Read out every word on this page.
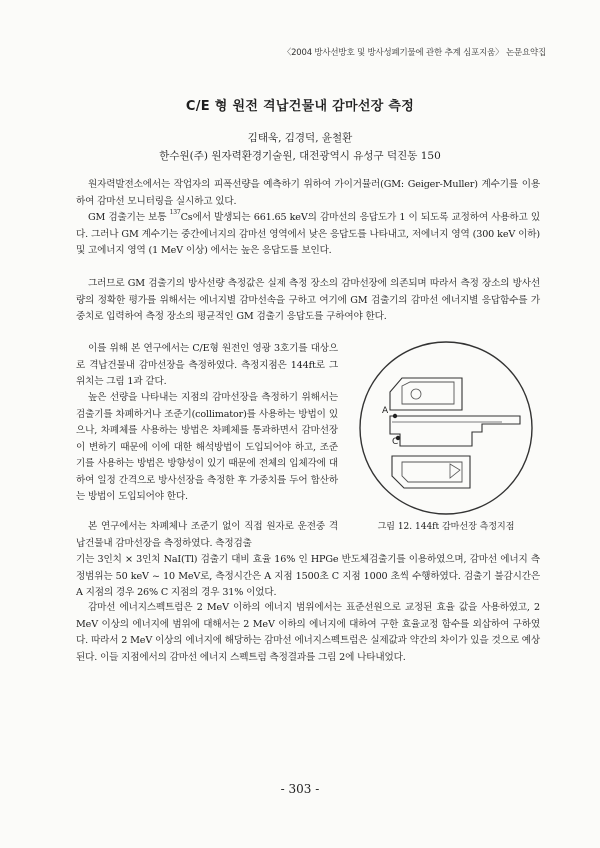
〈2004 방사선방호 및 방사성폐기물에 관한 추계 심포지움〉 논문요약집
C/E 형 원전 격납건물내 감마선장 측정
김태욱, 김경덕, 윤철환
한수원(주) 원자력환경기술원, 대전광역시 유성구 덕진동 150

원자력발전소에서는 작업자의 피폭선량을 예측하기 위하여 가이거뮬러(GM: Geiger-Muller) 계수기를 이용하여 감마선 모니터링을 실시하고 있다.

GM 검출기는 보통 $^{137}$Cs에서 발생되는 661.65 keV의 감마선의 응답도가 1 이 되도록 교정하여 사용하고 있다. 그러나 GM 계수기는 중간에너지의 감마선 영역에서 낮은 응답도를 나타내고, 저에너지 영역 (300 keV 이하) 및 고에너지 영역 (1 MeV 이상) 에서는 높은 응답도를 보인다.

그러므로 GM 검출기의 방사선량 측정값은 실제 측정 장소의 감마선장에 의존되며 따라서 측정 장소의 방사선량의 정확한 평가를 위해서는 에너지별 감마선속을 구하고 여기에 GM 검출기의 감마선 에너지별 응답함수를 가중치로 입력하여 측정 장소의 평균적인 GM 검출기 응답도를 구하여야 한다.

이를 위해 본 연구에서는 C/E형 원전인 영광 3호기를 대상으로 격납건물내 감마선장을 측정하였다. 측정지점은 144ft로 그 위치는 그림 1과 같다.

높은 선량을 나타내는 지점의 감마선장을 측정하기 위해서는 검출기를 차폐하거나 조준기(collimator)를 사용하는 방법이 있으나, 차폐체를 사용하는 방법은 차폐체를 통과하면서 감마선장이 변하기 때문에 이에 대한 해석방법이 도입되어야 하고, 조준기를 사용하는 방법은 방향성이 있기 때문에 전체의 입체각에 대하여 일정 간격으로 방사선장을 측정한 후 가중치를 두어 합산하는 방법이 도입되어야 한다.

본 연구에서는 차폐체나 조준기 없이 직접 원자로 운전중 격납건물내 감마선장을 측정하였다. 측정검출

기는 3인치 × 3인치 NaI(Tl) 검출기 대비 효율 16% 인 HPGe 반도체검출기를 이용하였으며, 감마선 에너지 측정범위는 50 keV ~ 10 MeV로, 측정시간은 A 지점 1500초 C 지점 1000 초씩 수행하였다. 검출기 불감시간은 A 지점의 경우 26% C 지점의 경우 31% 이었다.

감마선 에너지스펙트럼은 2 MeV 이하의 에너지 범위에서는 표준선원으로 교정된 효율 값을 사용하였고, 2 MeV 이상의 에너지에 범위에 대해서는 2 MeV 이하의 에너지에 대하여 구한 효율교정 함수를 외삽하여 구하였다. 따라서 2 MeV 이상의 에너지에 해당하는 감마선 에너지스펙트럼은 실제값과 약간의 차이가 있을 것으로 예상된다. 이들 지점에서의 감마선 에너지 스펙트럼 측정결과를 그림 2에 나타내었다.

A
C
그림 12. 144ft 감마선장 측정지점
- 303 -
